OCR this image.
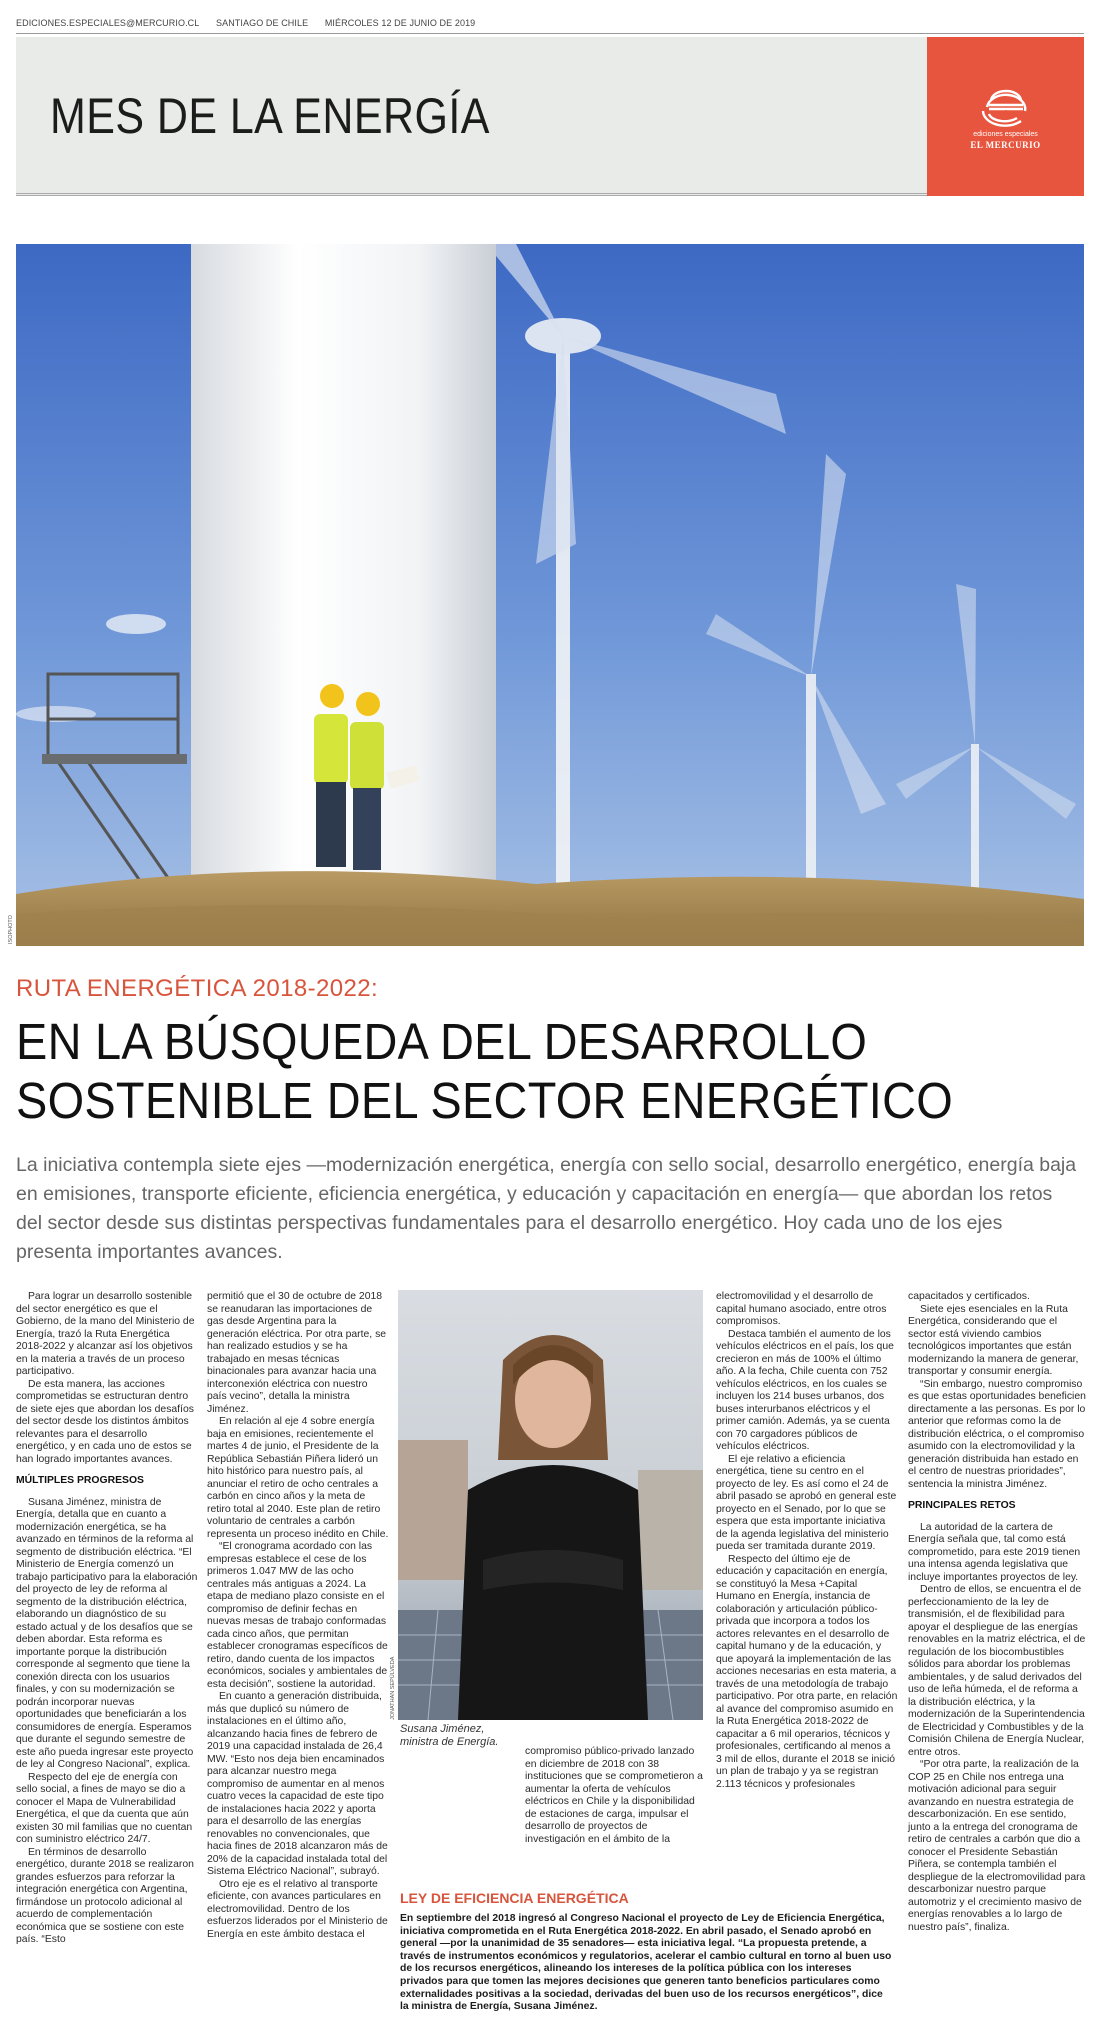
EDICIONES.ESPECIALES@MERCURIO.CL SANTIAGO DE CHILE MIÉRCOLES 12 DE JUNIO DE 2019
MES DE LA ENERGÍA	e
ediciones especiales
EL MERCURIO
ISOPHOTO
RUTA ENERGÉTICA 2018-2022:
EN LA BÚSQUEDA DEL DESARROLLO SOSTENIBLE DEL SECTOR ENERGÉTICO
La iniciativa contempla siete ejes —modernización energética, energía con sello social, desarrollo energético, energía baja en emisiones, transporte eficiente, eficiencia energética, y educación y capacitación en energía— que abordan los retos del sector desde sus distintas perspectivas fundamentales para el desarrollo energético. Hoy cada uno de los ejes presenta importantes avances.

Para lograr un desarrollo sostenible del sector energético es que el Gobierno, de la mano del Ministerio de Energía, trazó la Ruta Energética 2018-2022 y alcanzar así los objetivos en la materia a través de un proceso participativo.

De esta manera, las acciones comprometidas se estructuran dentro de siete ejes que abordan los desafíos del sector desde los distintos ámbitos relevantes para el desarrollo energético, y en cada uno de estos se han logrado importantes avances.

MÚLTIPLES PROGRESOS

Susana Jiménez, ministra de Energía, detalla que en cuanto a modernización energética, se ha avanzado en términos de la reforma al segmento de distribución eléctrica. “El Ministerio de Energía comenzó un trabajo participativo para la elaboración del proyecto de ley de reforma al segmento de la distribución eléctrica, elaborando un diagnóstico de su estado actual y de los desafíos que se deben abordar. Esta reforma es importante porque la distribución corresponde al segmento que tiene la conexión directa con los usuarios finales, y con su modernización se podrán incorporar nuevas oportunidades que beneficiarán a los consumidores de energía. Esperamos que durante el segundo semestre de este año pueda ingresar este proyecto de ley al Congreso Nacional”, explica.

Respecto del eje de energía con sello social, a fines de mayo se dio a conocer el Mapa de Vulnerabilidad Energética, el que da cuenta que aún existen 30 mil familias que no cuentan con suministro eléctrico 24/7.

En términos de desarrollo energético, durante 2018 se realizaron grandes esfuerzos para reforzar la integración energética con Argentina, firmándose un protocolo adicional al acuerdo de complementación económica que se sostiene con este país. “Esto

permitió que el 30 de octubre de 2018 se reanudaran las importaciones de gas desde Argentina para la generación eléctrica. Por otra parte, se han realizado estudios y se ha trabajado en mesas técnicas binacionales para avanzar hacia una interconexión eléctrica con nuestro país vecino”, detalla la ministra Jiménez.

En relación al eje 4 sobre energía baja en emisiones, recientemente el martes 4 de junio, el Presidente de la República Sebastián Piñera lideró un hito histórico para nuestro país, al anunciar el retiro de ocho centrales a carbón en cinco años y la meta de retiro total al 2040. Este plan de retiro voluntario de centrales a carbón representa un proceso inédito en Chile.

“El cronograma acordado con las empresas establece el cese de los primeros 1.047 MW de las ocho centrales más antiguas a 2024. La etapa de mediano plazo consiste en el compromiso de definir fechas en nuevas mesas de trabajo conformadas cada cinco años, que permitan establecer cronogramas específicos de retiro, dando cuenta de los impactos económicos, sociales y ambientales de esta decisión”, sostiene la autoridad.

En cuanto a generación distribuida, más que duplicó su número de instalaciones en el último año, alcanzando hacia fines de febrero de 2019 una capacidad instalada de 26,4 MW. “Esto nos deja bien encaminados para alcanzar nuestro mega compromiso de aumentar en al menos cuatro veces la capacidad de este tipo de instalaciones hacia 2022 y aporta para el desarrollo de las energías renovables no convencionales, que hacia fines de 2018 alcanzaron más de 20% de la capacidad instalada total del Sistema Eléctrico Nacional”, subrayó.

Otro eje es el relativo al transporte eficiente, con avances particulares en electromovilidad. Dentro de los esfuerzos liderados por el Ministerio de Energía en este ámbito destaca el

JONATHAN SEPÚLVEDA
Susana Jiménez,
ministra de Energía.

compromiso público-privado lanzado en diciembre de 2018 con 38 instituciones que se comprometieron a aumentar la oferta de vehículos eléctricos en Chile y la disponibilidad de estaciones de carga, impulsar el desarrollo de proyectos de investigación en el ámbito de la

electromovilidad y el desarrollo de capital humano asociado, entre otros compromisos.

Destaca también el aumento de los vehículos eléctricos en el país, los que crecieron en más de 100% el último año. A la fecha, Chile cuenta con 752 vehículos eléctricos, en los cuales se incluyen los 214 buses urbanos, dos buses interurbanos eléctricos y el primer camión. Además, ya se cuenta con 70 cargadores públicos de vehículos eléctricos.

El eje relativo a eficiencia energética, tiene su centro en el proyecto de ley. Es así como el 24 de abril pasado se aprobó en general este proyecto en el Senado, por lo que se espera que esta importante iniciativa de la agenda legislativa del ministerio pueda ser tramitada durante 2019.

Respecto del último eje de educación y capacitación en energía, se constituyó la Mesa +Capital Humano en Energía, instancia de colaboración y articulación público-privada que incorpora a todos los actores relevantes en el desarrollo de capital humano y de la educación, y que apoyará la implementación de las acciones necesarias en esta materia, a través de una metodología de trabajo participativo. Por otra parte, en relación al avance del compromiso asumido en la Ruta Energética 2018-2022 de capacitar a 6 mil operarios, técnicos y profesionales, certificando al menos a 3 mil de ellos, durante el 2018 se inició un plan de trabajo y ya se registran 2.113 técnicos y profesionales

capacitados y certificados.

Siete ejes esenciales en la Ruta Energética, considerando que el sector está viviendo cambios tecnológicos importantes que están modernizando la manera de generar, transportar y consumir energía.

“Sin embargo, nuestro compromiso es que estas oportunidades beneficien directamente a las personas. Es por lo anterior que reformas como la de distribución eléctrica, o el compromiso asumido con la electromovilidad y la generación distribuida han estado en el centro de nuestras prioridades”, sentencia la ministra Jiménez.

PRINCIPALES RETOS

La autoridad de la cartera de Energía señala que, tal como está comprometido, para este 2019 tienen una intensa agenda legislativa que incluye importantes proyectos de ley.

Dentro de ellos, se encuentra el de perfeccionamiento de la ley de transmisión, el de flexibilidad para apoyar el despliegue de las energías renovables en la matriz eléctrica, el de regulación de los biocombustibles sólidos para abordar los problemas ambientales, y de salud derivados del uso de leña húmeda, el de reforma a la distribución eléctrica, y la modernización de la Superintendencia de Electricidad y Combustibles y de la Comisión Chilena de Energía Nuclear, entre otros.

“Por otra parte, la realización de la COP 25 en Chile nos entrega una motivación adicional para seguir avanzando en nuestra estrategia de descarbonización. En ese sentido, junto a la entrega del cronograma de retiro de centrales a carbón que dio a conocer el Presidente Sebastián Piñera, se contempla también el despliegue de la electromovilidad para descarbonizar nuestro parque automotriz y el crecimiento masivo de energías renovables a lo largo de nuestro país”, finaliza.

LEY DE EFICIENCIA ENERGÉTICA
En septiembre del 2018 ingresó al Congreso Nacional el proyecto de Ley de Eficiencia Energética, iniciativa comprometida en el Ruta Energética 2018-2022. En abril pasado, el Senado aprobó en general —por la unanimidad de 35 senadores— esta iniciativa legal. “La propuesta pretende, a través de instrumentos económicos y regulatorios, acelerar el cambio cultural en torno al buen uso de los recursos energéticos, alineando los intereses de la política pública con los intereses privados para que tomen las mejores decisiones que generen tanto beneficios particulares como externalidades positivas a la sociedad, derivadas del buen uso de los recursos energéticos”, dice la ministra de Energía, Susana Jiménez.
